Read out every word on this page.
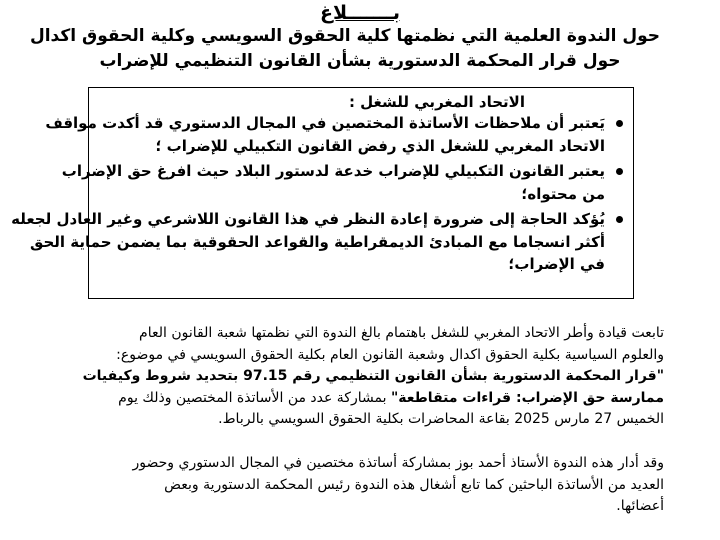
بـــــــلاغ
حول الندوة العلمية التي نظمتها كلية الحقوق السويسي وكلية الحقوق اكدال
حول قرار المحكمة الدستورية بشأن القانون التنظيمي للإضراب
الاتحاد المغربي للشغل :
يَعتبر أن ملاحظات الأساتذة المختصين في المجال الدستوري قد أكدت مواقف
الاتحاد المغربي للشغل الذي رفض القانون التكبيلي للإضراب ؛
يعتبر القانون التكبيلي للإضراب خدعة لدستور البلاد حيث افرغ حق الإضراب
من محتواه؛
يُؤكد الحاجة إلى ضرورة إعادة النظر في هذا القانون اللاشرعي وغير العادل لجعله
أكثر انسجاما مع المبادئ الديمقراطية والقواعد الحقوقية بما يضمن حماية الحق
في الإضراب؛
تابعت قيادة وأطر الاتحاد المغربي للشغل باهتمام بالغ الندوة التي نظمتها شعبة القانون العام
والعلوم السياسية بكلية الحقوق اكدال وشعبة القانون العام بكلية الحقوق السويسي في موضوع:
"قرار المحكمة الدستورية بشأن القانون التنظيمي رقم 97.15 بتحديد شروط وكيفيات
ممارسة حق الإضراب: قراءات متقاطعة" بمشاركة عدد من الأساتذة المختصين وذلك يوم
الخميس 27 مارس 2025 بقاعة المحاضرات بكلية الحقوق السويسي بالرباط.
وقد أدار هذه الندوة الأستاذ أحمد بوز بمشاركة أساتذة مختصين في المجال الدستوري وحضور
العديد من الأساتذة الباحثين كما تابع أشغال هذه الندوة رئيس المحكمة الدستورية وبعض
أعضائها.
